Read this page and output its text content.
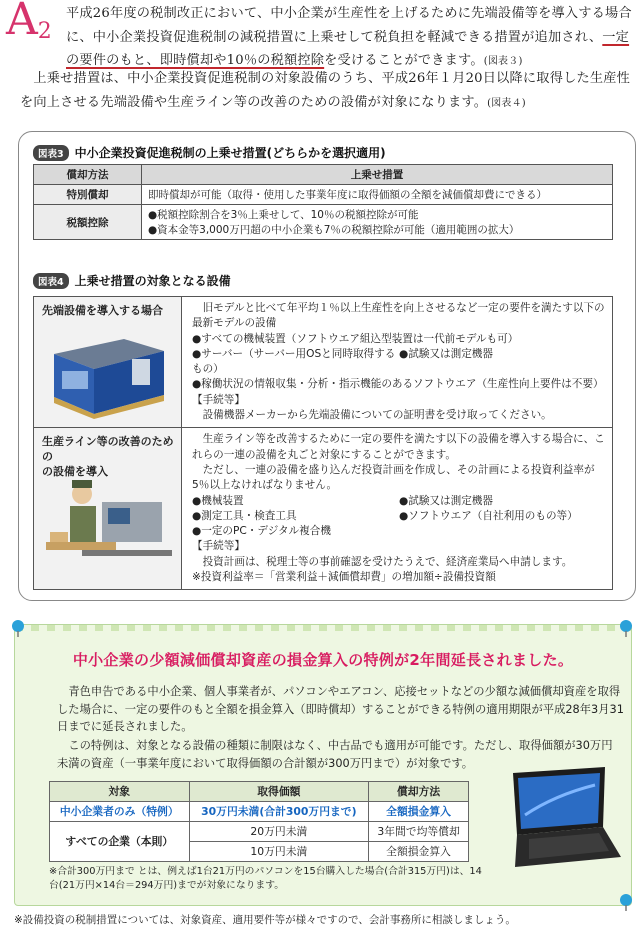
$A_2$

平成26年度の税制改正において、中小企業が生産性を上げるために先端設備等を導入する場合に、中小企業投資促進税制の減税措置に上乗せして税負担を軽減できる措置が追加され、一定の要件のもと、即時償却や10％の税額控除を受けることができます。(図表３)

　上乗せ措置は、中小企業投資促進税制の対象設備のうち、平成26年１月20日以降に取得した生産性を向上させる先端設備や生産ライン等の改善のための設備が対象になります。(図表４)

図表3 中小企業投資促進税制の上乗せ措置(どちらかを選択適用)
償却方法	上乗せ措置
特別償却	即時償却が可能（取得・使用した事業年度に取得価額の全額を減価償却費にできる）
税額控除	●税額控除割合を3％上乗せして、10％の税額控除が可能
●資本金等3,000万円超の中小企業も7％の税額控除が可能（適用範囲の拡大）
図表4 上乗せ措置の対象となる設備
先端設備を導入する場合	旧モデルと比べて年平均１％以上生産性を向上させるなど一定の要件を満たす以下の最新モデルの設備

●すべての機械装置（ソフトウエア組込型装置は一代前モデルも可）

●サーバー（サーバー用OSと同時取得するもの）
●試験又は測定機器

●稼働状況の情報収集・分析・指示機能のあるソフトウエア（生産性向上要件は不要）

【手続等】

設備機器メーカーから先端設備についての証明書を受け取ってください。

生産ライン等の改善のための
の設備を導入

生産ライン等を改善するために一定の要件を満たす以下の設備を導入する場合に、これらの一連の設備を丸ごと対象にすることができます。

ただし、一連の設備を盛り込んだ投資計画を作成し、その計画による投資利益率が5％以上なければなりません。

●機械装置	●試験又は測定機器

●測定工具・検査工具	●ソフトウエア（自社利用のもの等）

●一定のPC・デジタル複合機

【手続等】

投資計画は、税理士等の事前確認を受けたうえで、経済産業局へ申請します。

※投資利益率＝「営業利益＋減価償却費」の増加額÷設備投資額

中小企業の少額減価償却資産の損金算入の特例が2年間延長されました。

　青色申告である中小企業、個人事業者が、パソコンやエアコン、応接セットなどの少額な減価償却資産を取得した場合に、一定の要件のもと全額を損金算入（即時償却）することができる特例の適用期限が平成28年3月31日までに延長されました。

　この特例は、対象となる設備の種類に制限はなく、中古品でも適用が可能です。ただし、取得価額が30万円未満の資産（一事業年度において取得価額の合計額が300万円まで）が対象です。

対象	取得価額	償却方法
中小企業者のみ（特例）	30万円未満(合計300万円まで)	全額損金算入
すべての企業（本則）	20万円未満	3年間で均等償却
	10万円未満	全額損金算入

※合計300万円まで とは、例えば1台21万円のパソコンを15台購入した場合(合計315万円)は、14台(21万円×14台＝294万円)までが対象になります。

※設備投資の税制措置については、対象資産、適用要件等が様々ですので、会計事務所に相談しましょう。
